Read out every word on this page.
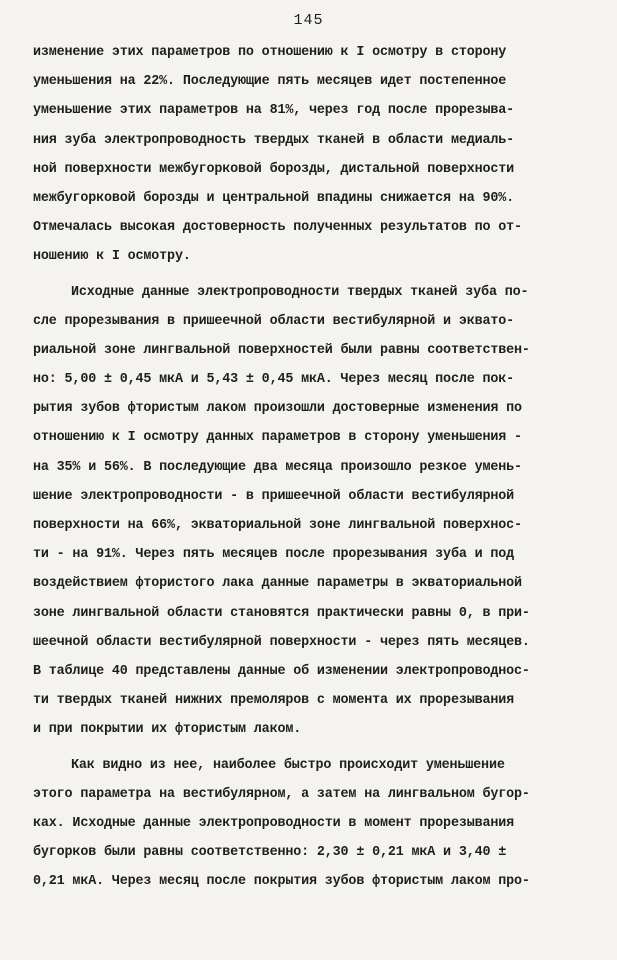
145
изменение этих параметров по отношению к I осмотру в сторону
уменьшения на 22%. Последующие пять месяцев идет постепенное
уменьшение этих параметров на 81%, через год после прорезыва-
ния зуба электропроводность твердых тканей в области медиаль-
ной поверхности межбугорковой борозды, дистальной поверхности
межбугорковой борозды и центральной впадины снижается на 90%.
Отмечалась высокая достоверность полученных результатов по от-
ношению к I осмотру.
Исходные данные электропроводности твердых тканей зуба по-
сле прорезывания в пришеечной области вестибулярной и эквато-
риальной зоне лингвальной поверхностей были равны соответствен-
но: 5,00 ± 0,45 мкА и 5,43 ± 0,45 мкА. Через месяц после пок-
рытия зубов фтористым лаком произошли достоверные изменения по
отношению к I осмотру данных параметров в сторону уменьшения -
на 35% и 56%. В последующие два месяца произошло резкое умень-
шение электропроводности - в пришеечной области вестибулярной
поверхности на 66%, экваториальной зоне лингвальной поверхнос-
ти - на 91%. Через пять месяцев после прорезывания зуба и под
воздействием фтористого лака данные параметры в экваториальной
зоне лингвальной области становятся практически равны 0, в при-
шеечной области вестибулярной поверхности - через пять месяцев.
В таблице 40 представлены данные об изменении электропроводнос-
ти твердых тканей нижних премоляров с момента их прорезывания
и при покрытии их фтористым лаком.
Как видно из нее, наиболее быстро происходит уменьшение
этого параметра на вестибулярном, а затем на лингвальном бугор-
ках. Исходные данные электропроводности в момент прорезывания
бугорков были равны соответственно: 2,30 ± 0,21 мкА и 3,40 ±
0,21 мкА. Через месяц после покрытия зубов фтористым лаком про-
